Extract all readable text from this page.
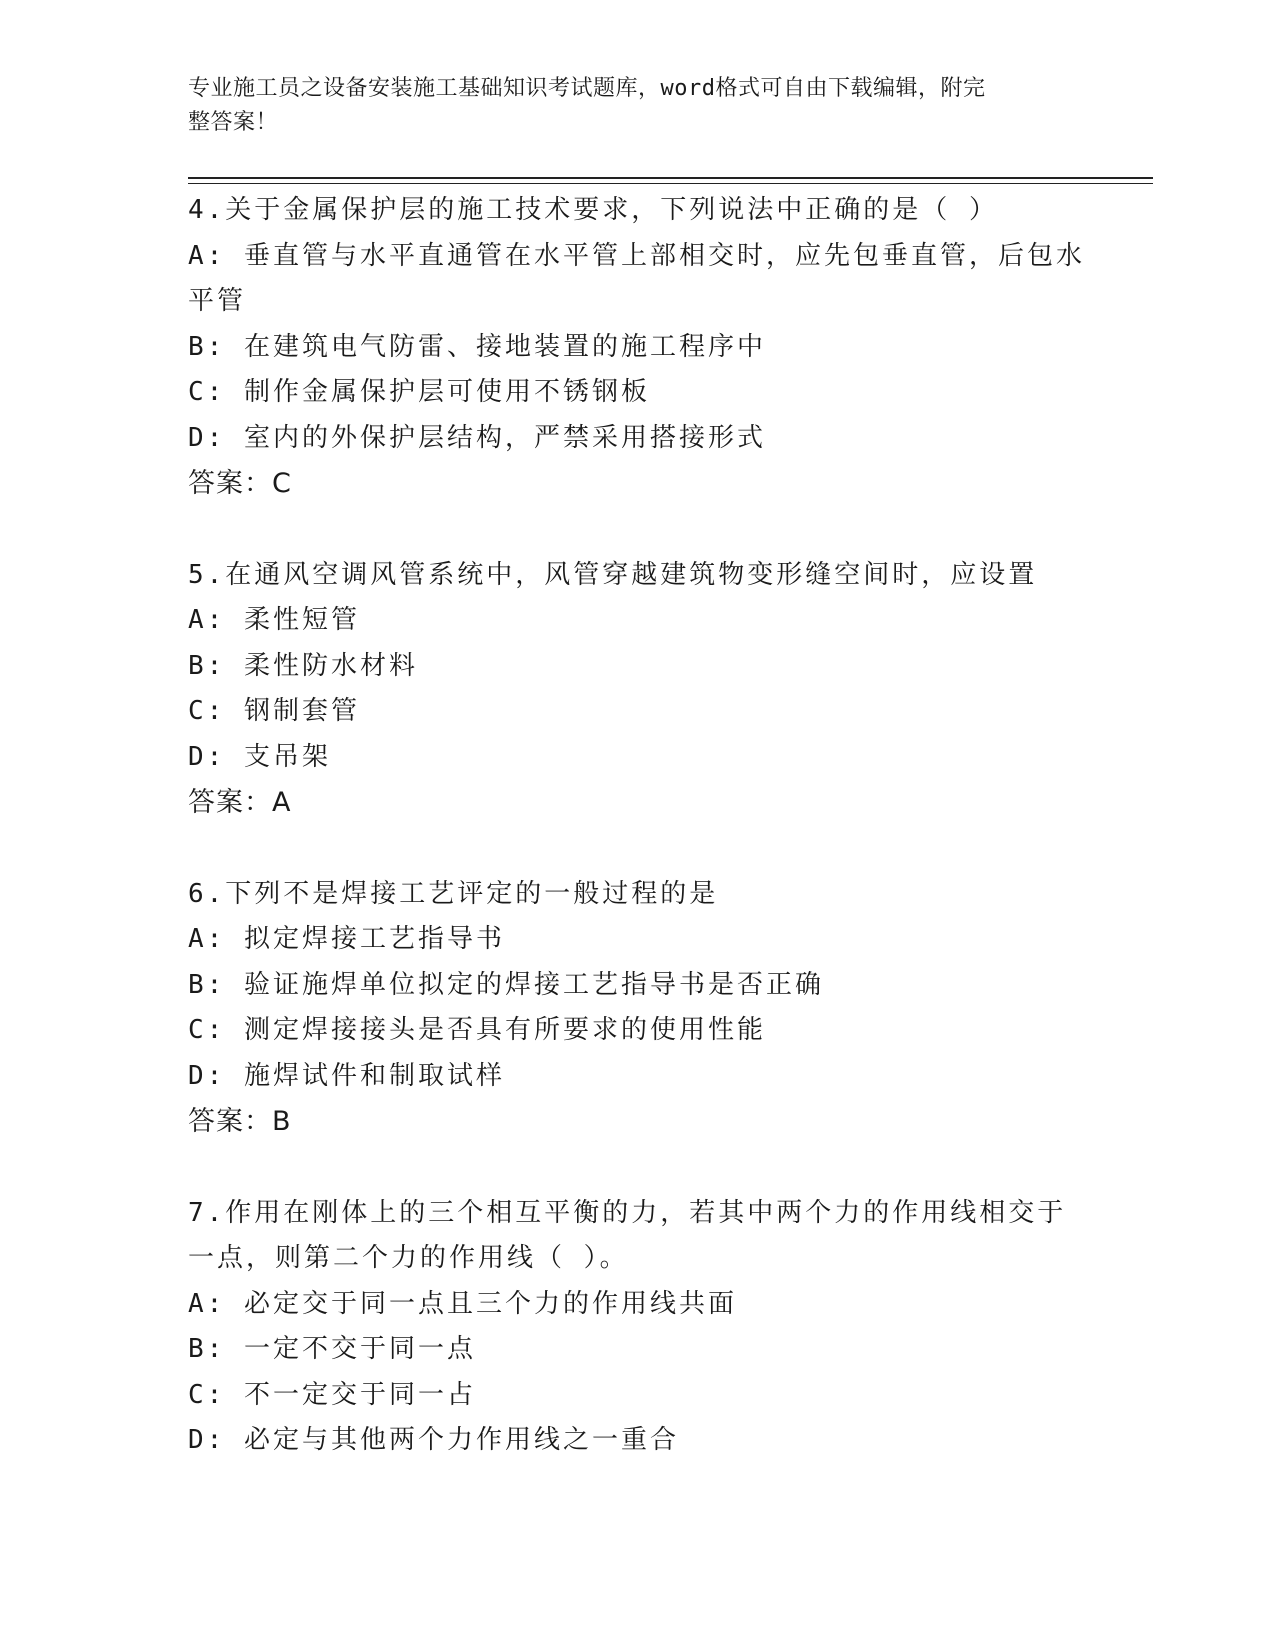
专业施工员之设备安装施工基础知识考试题库，word格式可自由下载编辑，附完
整答案！
4.关于金属保护层的施工技术要求，下列说法中正确的是（ ）
A: 垂直管与水平直通管在水平管上部相交时，应先包垂直管，后包水
平管
B: 在建筑电气防雷、接地装置的施工程序中
C: 制作金属保护层可使用不锈钢板
D: 室内的外保护层结构，严禁采用搭接形式
答案：C
5.在通风空调风管系统中，风管穿越建筑物变形缝空间时，应设置
A: 柔性短管
B: 柔性防水材料
C: 钢制套管
D: 支吊架
答案：A
6.下列不是焊接工艺评定的一般过程的是
A: 拟定焊接工艺指导书
B: 验证施焊单位拟定的焊接工艺指导书是否正确
C: 测定焊接接头是否具有所要求的使用性能
D: 施焊试件和制取试样
答案：B
7.作用在刚体上的三个相互平衡的力，若其中两个力的作用线相交于
一点，则第二个力的作用线（ ）。
A: 必定交于同一点且三个力的作用线共面
B: 一定不交于同一点
C: 不一定交于同一占
D: 必定与其他两个力作用线之一重合
